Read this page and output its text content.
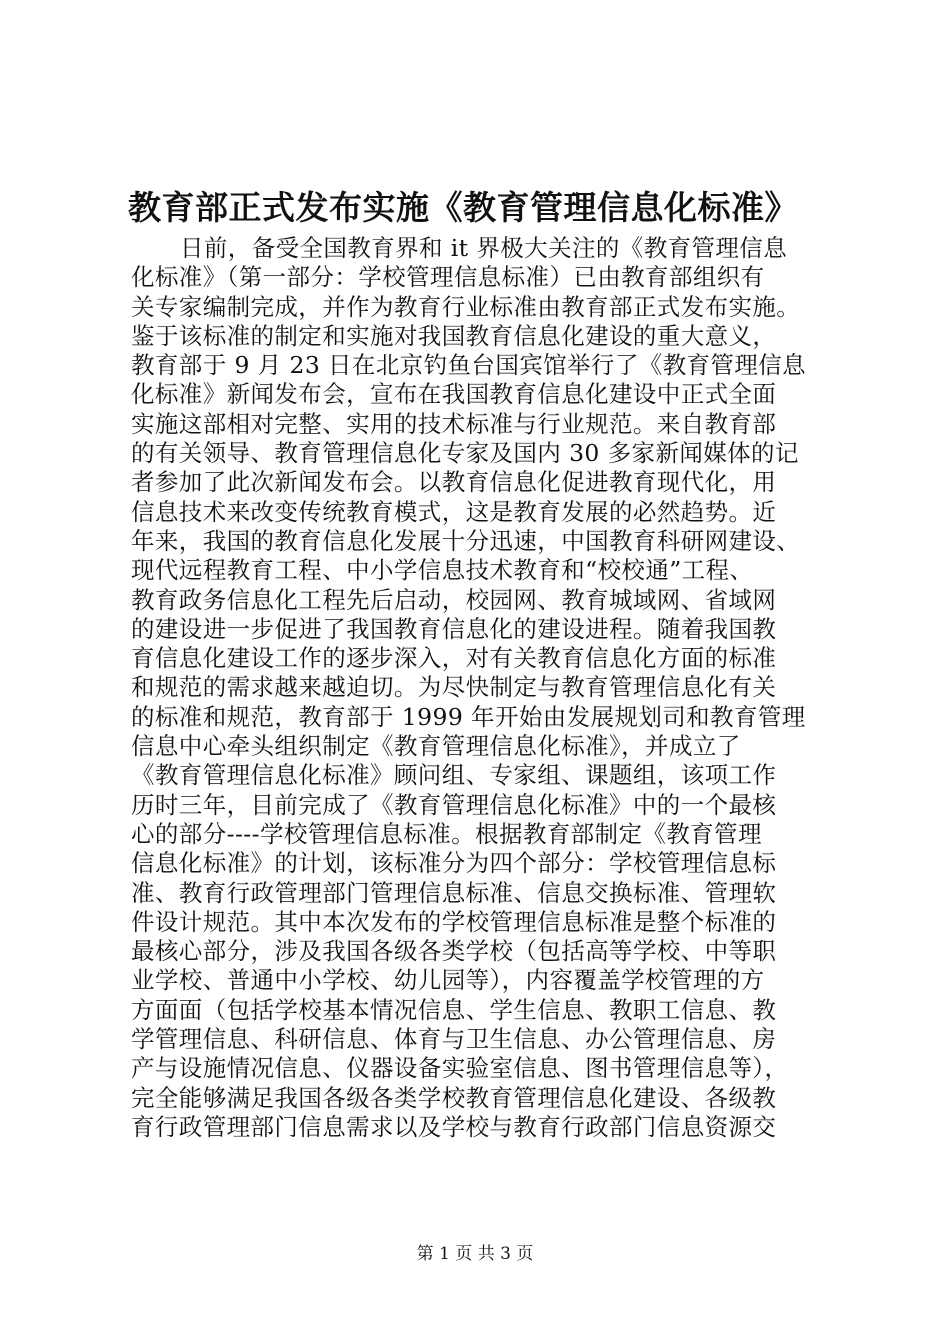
教育部正式发布实施《教育管理信息化标准》
日前，备受全国教育界和 it 界极大关注的《教育管理信息
化标准》（第一部分：学校管理信息标准）已由教育部组织有
关专家编制完成，并作为教育行业标准由教育部正式发布实施。
鉴于该标准的制定和实施对我国教育信息化建设的重大意义，
教育部于 9 月 23 日在北京钓鱼台国宾馆举行了《教育管理信息
化标准》新闻发布会，宣布在我国教育信息化建设中正式全面
实施这部相对完整、实用的技术标准与行业规范。来自教育部
的有关领导、教育管理信息化专家及国内 30 多家新闻媒体的记
者参加了此次新闻发布会。以教育信息化促进教育现代化，用
信息技术来改变传统教育模式，这是教育发展的必然趋势。近
年来，我国的教育信息化发展十分迅速，中国教育科研网建设、
现代远程教育工程、中小学信息技术教育和“校校通”工程、
教育政务信息化工程先后启动，校园网、教育城域网、省域网
的建设进一步促进了我国教育信息化的建设进程。随着我国教
育信息化建设工作的逐步深入，对有关教育信息化方面的标准
和规范的需求越来越迫切。为尽快制定与教育管理信息化有关
的标准和规范，教育部于 1999 年开始由发展规划司和教育管理
信息中心牵头组织制定《教育管理信息化标准》，并成立了
《教育管理信息化标准》顾问组、专家组、课题组，该项工作
历时三年，目前完成了《教育管理信息化标准》中的一个最核
心的部分----学校管理信息标准。根据教育部制定《教育管理
信息化标准》的计划，该标准分为四个部分：学校管理信息标
准、教育行政管理部门管理信息标准、信息交换标准、管理软
件设计规范。其中本次发布的学校管理信息标准是整个标准的
最核心部分，涉及我国各级各类学校（包括高等学校、中等职
业学校、普通中小学校、幼儿园等），内容覆盖学校管理的方
方面面（包括学校基本情况信息、学生信息、教职工信息、教
学管理信息、科研信息、体育与卫生信息、办公管理信息、房
产与设施情况信息、仪器设备实验室信息、图书管理信息等），
完全能够满足我国各级各类学校教育管理信息化建设、各级教
育行政管理部门信息需求以及学校与教育行政部门信息资源交
第 1 页 共 3 页
